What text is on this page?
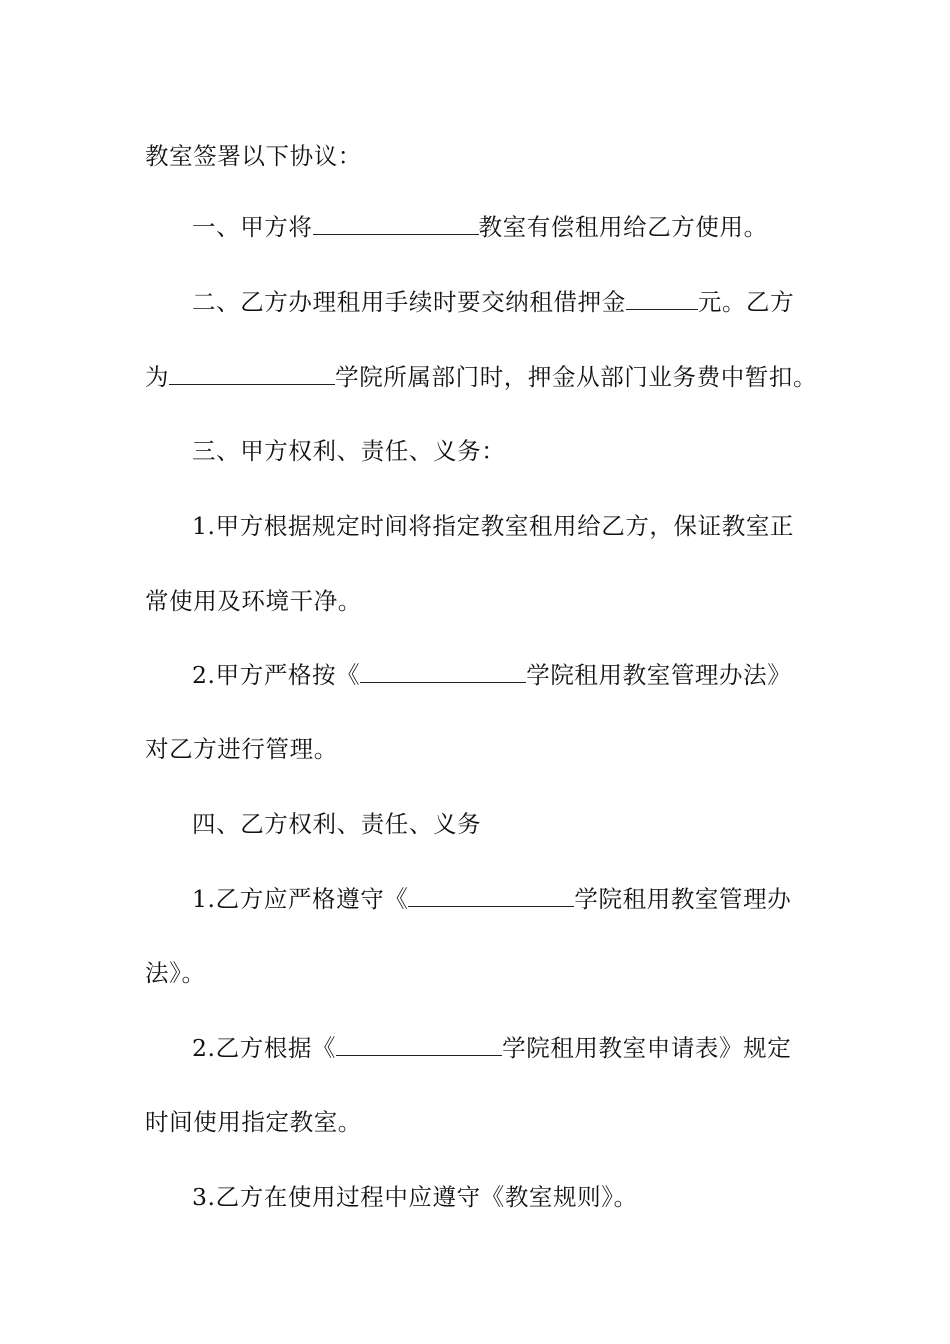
教室签署以下协议：
一、甲方将	教室有偿租用给乙方使用。
二、乙方办理租用手续时要交纳租借押金	元。乙方
为	学院所属部门时，押金从部门业务费中暂扣。
三、甲方权利、责任、义务：
1.甲方根据规定时间将指定教室租用给乙方，保证教室正
常使用及环境干净。
2.甲方严格按《	学院租用教室管理办法》
对乙方进行管理。
四、乙方权利、责任、义务
1.乙方应严格遵守《	学院租用教室管理办
法》。
2.乙方根据《	学院租用教室申请表》规定
时间使用指定教室。
3.乙方在使用过程中应遵守《教室规则》。
